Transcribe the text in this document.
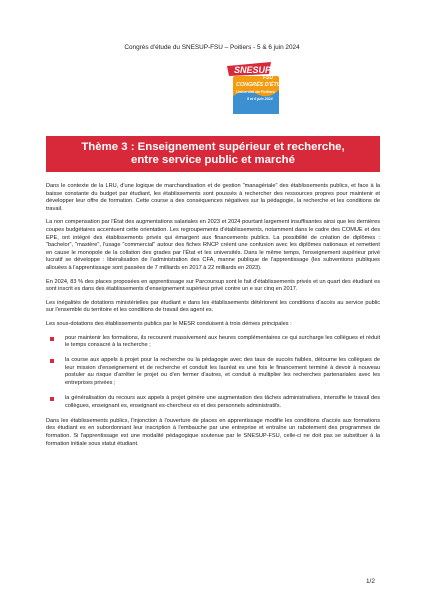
Congrès d'étude du SNESUP-FSU – Poitiers - 5 & 6 juin 2024
SNESUP
FSU
CONGRÈS D'ÉTUDE
Université de Poitiers
5 et 6 juin 2024
Thème 3 : Enseignement supérieur et recherche,
entre service public et marché

Dans le contexte de la LRU, d'une logique de marchandisation et de gestion "managériale" des établissements publics, et face à la baisse constante du budget par étudiant, les établissements sont poussés à rechercher des ressources propres pour maintenir et développer leur offre de formation. Cette course a des conséquences négatives sur la pédagogie, la recherche et les conditions de travail.

La non compensation par l'État des augmentations salariales en 2023 et 2024 pourtant largement insuffisantes ainsi que les dernières coupes budgétaires accentuent cette orientation. Les regroupements d'établissements, notamment dans le cadre des COMUE et des EPE, ont intégré des établissements privés qui émargent aux financements publics. La possibilité de création de diplômes : "bachelor", "mastère", l'usage "commercial" autour des fiches RNCP créent une confusion avec les diplômes nationaux et remettent en cause le monopole de la collation des grades par l'État et les universités. Dans le même temps, l'enseignement supérieur privé lucratif se développe : libéralisation de l'administration des CFA, manne publique de l'apprentissage (les subventions publiques allouées à l'apprentissage sont passées de 7 milliards en 2017 à 22 milliards en 2023).

En 2024, 83 % des places proposées en apprentissage sur Parcoursup sont le fait d'établissements privés et un quart des étudiant es sont inscrit es dans des établissements d'enseignement supérieur privé contre un e sur cinq en 2017.

Les inégalités de dotations ministérielles par étudiant e dans les établissements détériorent les conditions d'accès au service public sur l'ensemble du territoire et les conditions de travail des agent es.

Les sous-dotations des établissements publics par le MESR conduisent à trois dérives principales :

pour maintenir les formations, ils recourent massivement aux heures complémentaires ce qui surcharge les collègues et réduit le temps consacré à la recherche ;
la course aux appels à projet pour la recherche ou la pédagogie avec des taux de succès faibles, détourne les collègues de leur mission d'enseignement et de recherche et conduit les lauréat es une fois le financement terminé à devoir à nouveau postuler au risque d'arrêter le projet ou d'en fermer d'autres, et conduit à multiplier les recherches partenariales avec les entreprises privées ;
la généralisation du recours aux appels à projet génère une augmentation des tâches administratives, intensifie le travail des collègues, enseignant es, enseignant es-chercheur es et des personnels administratifs.

Dans les établissements publics, l'injonction à l'ouverture de places en apprentissage modifie les conditions d'accès aux formations des étudiant es en subordonnant leur inscription à l'embauche par une entreprise et entraîne un rabotement des programmes de formation. Si l'apprentissage est une modalité pédagogique soutenue par le SNESUP-FSU, celle-ci ne doit pas se substituer à la formation initiale sous statut étudiant.

1/2
